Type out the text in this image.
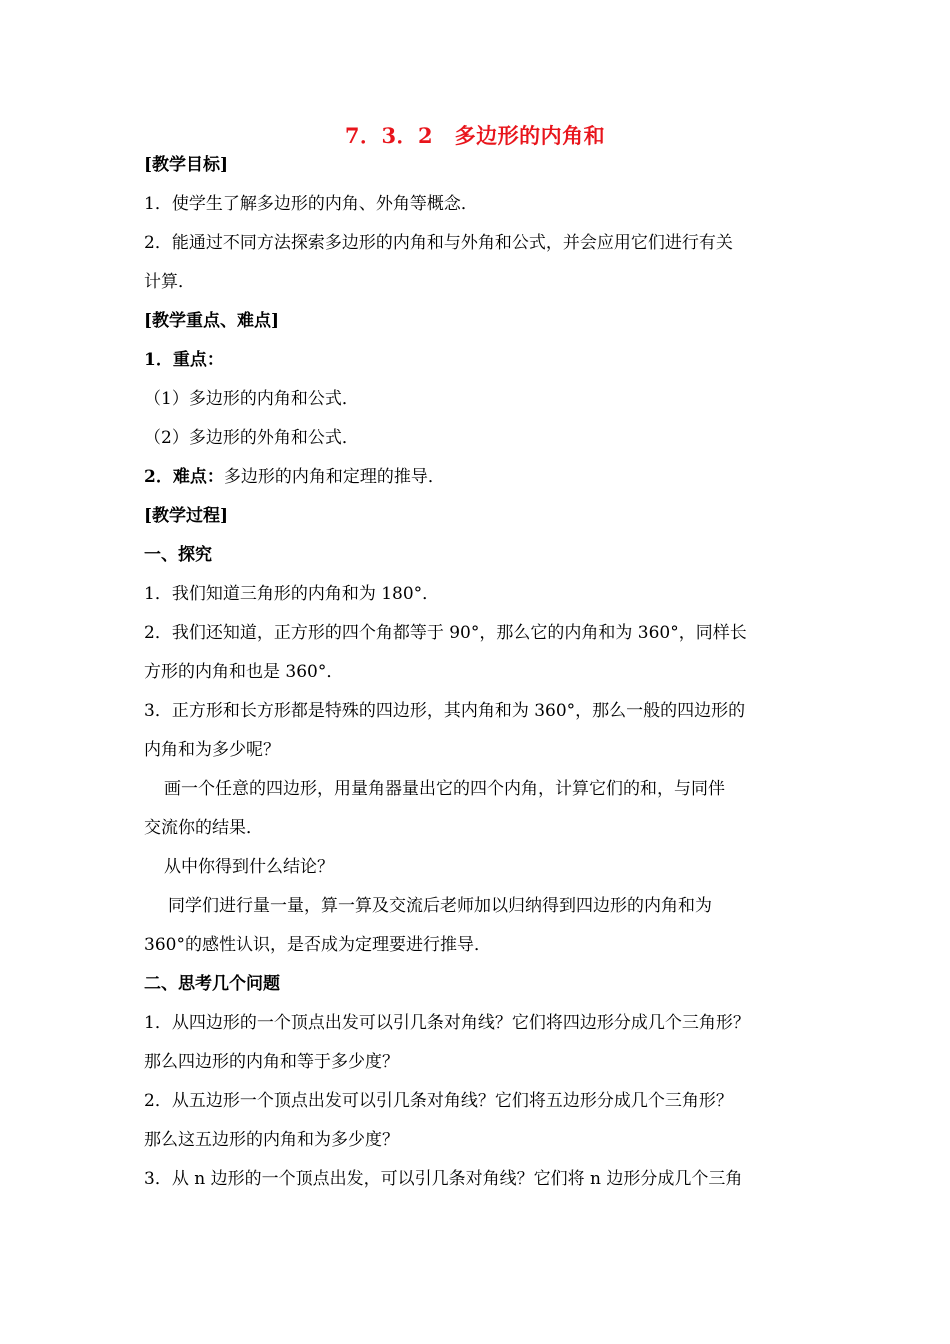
7．3．2　多边形的内角和
[教学目标]
1．使学生了解多边形的内角、外角等概念．
2．能通过不同方法探索多边形的内角和与外角和公式，并会应用它们进行有关
计算．
[教学重点、难点]
1．重点：
（1）多边形的内角和公式．
（2）多边形的外角和公式．
2．难点：多边形的内角和定理的推导．
[教学过程]
一、探究
1．我们知道三角形的内角和为 180°．
2．我们还知道，正方形的四个角都等于 90°，那么它的内角和为 360°，同样长
方形的内角和也是 360°．
3．正方形和长方形都是特殊的四边形，其内角和为 360°，那么一般的四边形的
内角和为多少呢？
画一个任意的四边形，用量角器量出它的四个内角，计算它们的和，与同伴
交流你的结果．
从中你得到什么结论？
同学们进行量一量，算一算及交流后老师加以归纳得到四边形的内角和为
360°的感性认识，是否成为定理要进行推导．
二、思考几个问题
1．从四边形的一个顶点出发可以引几条对角线？它们将四边形分成几个三角形？
那么四边形的内角和等于多少度？
2．从五边形一个顶点出发可以引几条对角线？它们将五边形分成几个三角形？
那么这五边形的内角和为多少度？
3．从 n 边形的一个顶点出发，可以引几条对角线？它们将 n 边形分成几个三角
